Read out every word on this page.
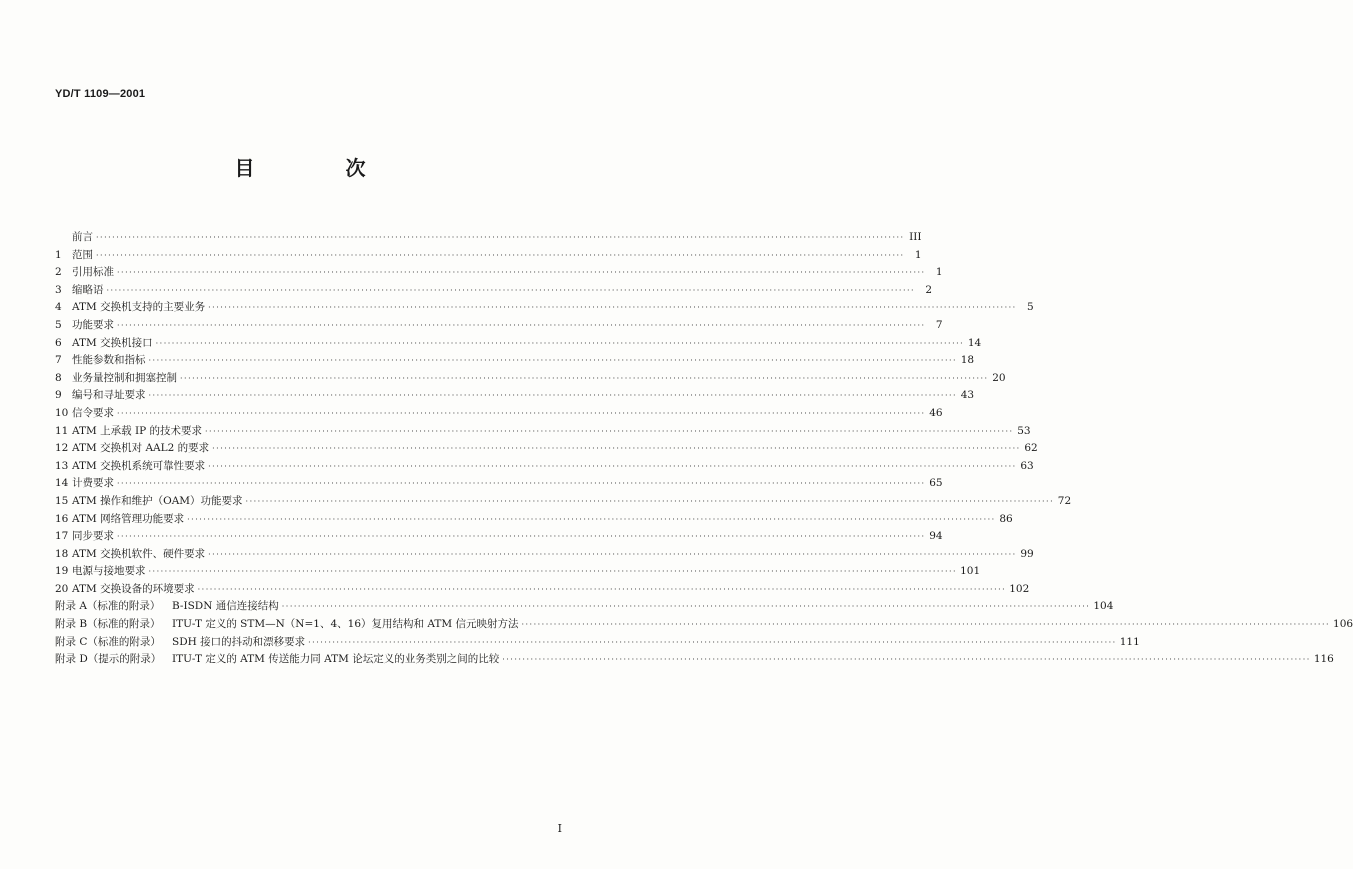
YD/T 1109—2001
目 次
前言 ········································································································································································································ III
1 范围 ········································································································································································································ 1
2 引用标准 ········································································································································································································ 1
3 缩略语 ········································································································································································································ 2
4 ATM 交换机支持的主要业务 ········································································································································································································ 5
5 功能要求 ········································································································································································································ 7
6 ATM 交换机接口 ········································································································································································································ 14
7 性能参数和指标 ········································································································································································································ 18
8 业务量控制和拥塞控制 ········································································································································································································ 20
9 编号和寻址要求 ········································································································································································································ 43
10 信令要求 ········································································································································································································ 46
11 ATM 上承载 IP 的技术要求 ········································································································································································································ 53
12 ATM 交换机对 AAL2 的要求 ········································································································································································································ 62
13 ATM 交换机系统可靠性要求 ········································································································································································································ 63
14 计费要求 ········································································································································································································ 65
15 ATM 操作和维护（OAM）功能要求 ········································································································································································································ 72
16 ATM 网络管理功能要求 ········································································································································································································ 86
17 同步要求 ········································································································································································································ 94
18 ATM 交换机软件、硬件要求 ········································································································································································································ 99
19 电源与接地要求 ········································································································································································································ 101
20 ATM 交换设备的环境要求 ········································································································································································································ 102
附录 A（标准的附录）	B-ISDN 通信连接结构 ········································································································································································································ 104
附录 B（标准的附录）	ITU-T 定义的 STM—N（N=1、4、16）复用结构和 ATM 信元映射方法 ········································································································································································································ 106
附录 C（标准的附录）	SDH 接口的抖动和漂移要求 ········································································································································································································ 111
附录 D（提示的附录）	ITU-T 定义的 ATM 传送能力同 ATM 论坛定义的业务类别之间的比较 ········································································································································································································ 116
I
